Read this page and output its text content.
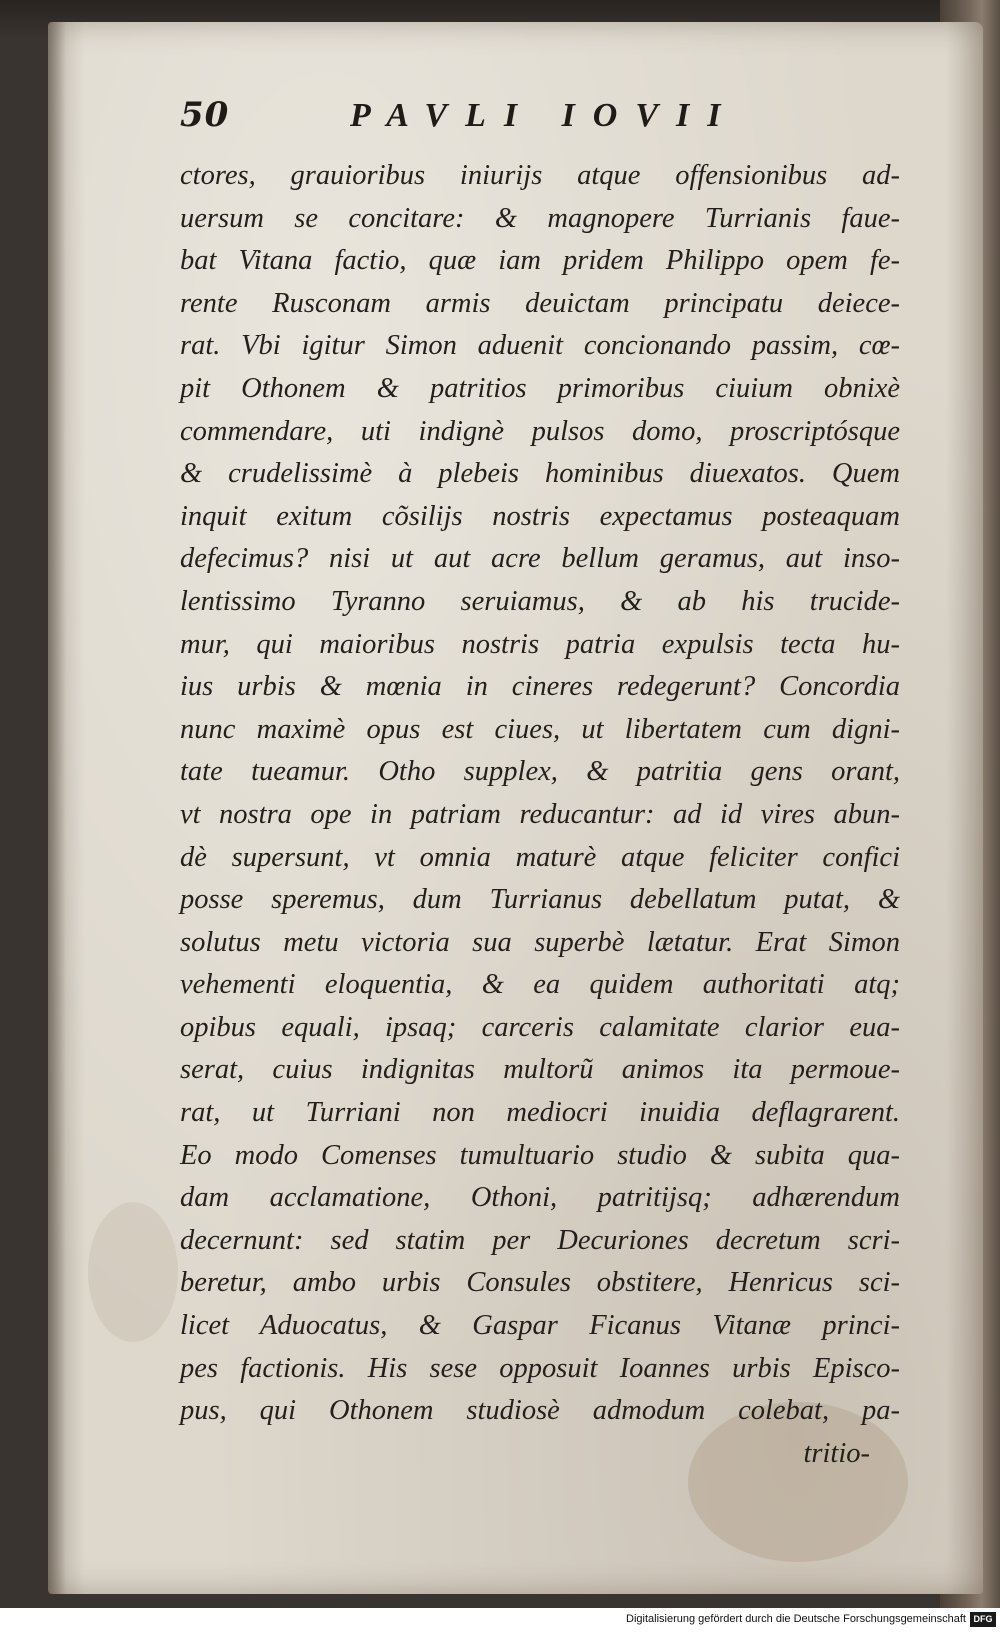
50	PAVLI IOVII
ctores, grauioribus iniurijs atque offensionibus ad-
uersum se concitare: & magnopere Turrianis faue-
bat Vitana factio, quæ iam pridem Philippo opem fe-
rente Rusconam armis deuictam principatu deiece-
rat. Vbi igitur Simon aduenit concionando passim, cœ-
pit Othonem & patritios primoribus ciuium obnixè
commendare, uti indignè pulsos domo, proscriptósque
& crudelissimè à plebeis hominibus diuexatos. Quem
inquit exitum cõsilijs nostris expectamus posteaquam
defecimus? nisi ut aut acre bellum geramus, aut inso-
lentissimo Tyranno seruiamus, & ab his trucide-
mur, qui maioribus nostris patria expulsis tecta hu-
ius urbis & mœnia in cineres redegerunt? Concordia
nunc maximè opus est ciues, ut libertatem cum digni-
tate tueamur. Otho supplex, & patritia gens orant,
vt nostra ope in patriam reducantur: ad id vires abun-
dè supersunt, vt omnia maturè atque feliciter confici
posse speremus, dum Turrianus debellatum putat, &
solutus metu victoria sua superbè lætatur. Erat Simon
vehementi eloquentia, & ea quidem authoritati atq;
opibus equali, ipsaq; carceris calamitate clarior eua-
serat, cuius indignitas multorũ animos ita permoue-
rat, ut Turriani non mediocri inuidia deflagrarent.
Eo modo Comenses tumultuario studio & subita qua-
dam acclamatione, Othoni, patritijsq; adhærendum
decernunt: sed statim per Decuriones decretum scri-
beretur, ambo urbis Consules obstitere, Henricus sci-
licet Aduocatus, & Gaspar Ficanus Vitanæ princi-
pes factionis. His sese opposuit Ioannes urbis Episco-
pus, qui Othonem studiosè admodum colebat, pa-
tritio-
Digitalisierung gefördert durch die Deutsche Forschungsgemeinschaft DFG
